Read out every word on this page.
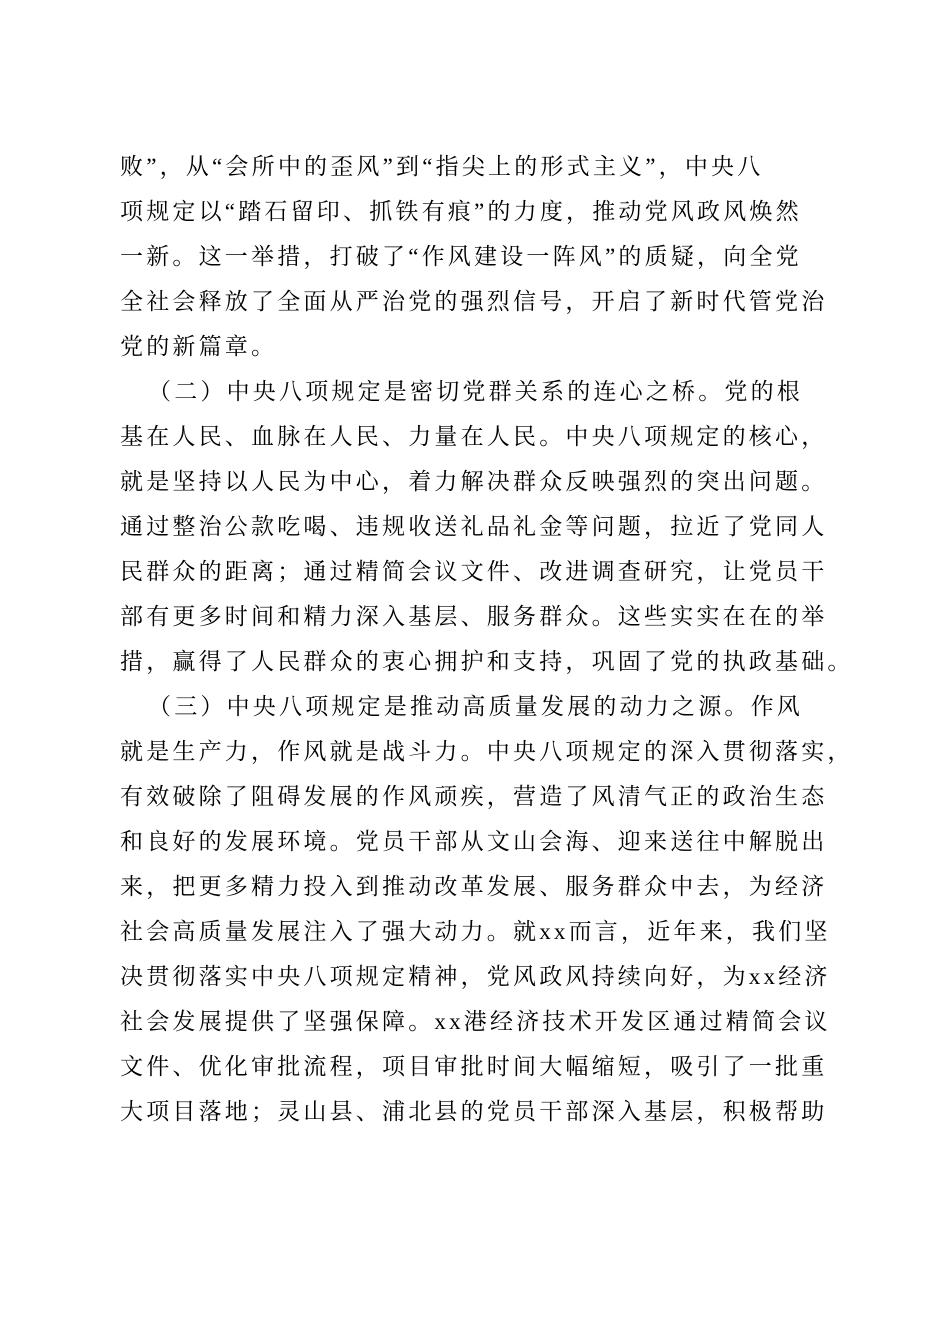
败”，从“会所中的歪风”到“指尖上的形式主义”，中央八
项规定以“踏石留印、抓铁有痕”的力度，推动党风政风焕然
一新。这一举措，打破了“作风建设一阵风”的质疑，向全党
全社会释放了全面从严治党的强烈信号，开启了新时代管党治
党的新篇章。
（二）中央八项规定是密切党群关系的连心之桥。党的根
基在人民、血脉在人民、力量在人民。中央八项规定的核心，
就是坚持以人民为中心，着力解决群众反映强烈的突出问题。
通过整治公款吃喝、违规收送礼品礼金等问题，拉近了党同人
民群众的距离；通过精简会议文件、改进调查研究，让党员干
部有更多时间和精力深入基层、服务群众。这些实实在在的举
措，赢得了人民群众的衷心拥护和支持，巩固了党的执政基础。
（三）中央八项规定是推动高质量发展的动力之源。作风
就是生产力，作风就是战斗力。中央八项规定的深入贯彻落实，
有效破除了阻碍发展的作风顽疾，营造了风清气正的政治生态
和良好的发展环境。党员干部从文山会海、迎来送往中解脱出
来，把更多精力投入到推动改革发展、服务群众中去，为经济
社会高质量发展注入了强大动力。就xx而言，近年来，我们坚
决贯彻落实中央八项规定精神，党风政风持续向好，为xx经济
社会发展提供了坚强保障。xx港经济技术开发区通过精简会议
文件、优化审批流程，项目审批时间大幅缩短，吸引了一批重
大项目落地；灵山县、浦北县的党员干部深入基层，积极帮助
